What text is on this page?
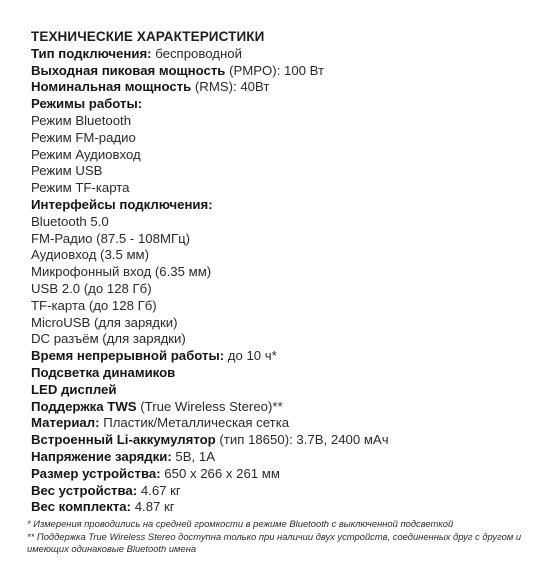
ТЕХНИЧЕСКИЕ ХАРАКТЕРИСТИКИ
Тип подключения: беспроводной
Выходная пиковая мощность (PMPO): 100 Вт
Номинальная мощность (RMS): 40Вт
Режимы работы:
Режим Bluetooth
Режим FM-радио
Режим Аудиовход
Режим USB
Режим TF-карта
Интерфейсы подключения:
Bluetooth 5.0
FM-Радио (87.5 - 108МГц)
Аудиовход (3.5 мм)
Микрофонный вход (6.35 мм)
USB 2.0 (до 128 Гб)
TF-карта (до 128 Гб)
MicroUSB (для зарядки)
DC разъём (для зарядки)
Время непрерывной работы: до 10 ч*
Подсветка динамиков
LED дисплей
Поддержка TWS (True Wireless Stereo)**
Материал: Пластик/Металлическая сетка
Встроенный Li-аккумулятор (тип 18650): 3.7В, 2400 мАч
Напряжение зарядки: 5В, 1А
Размер устройства: 650 x 266 x 261 мм
Вес устройства: 4.67 кг
Вес комплекта: 4.87 кг
* Измерения проводились на средней громкости в режиме Bluetooth с выключенной подсветкой
** Поддержка True Wireless Stereo доступна только при наличии двух устройств, соединенных друг с другом и имеющих одинаковые Bluetooth имена
